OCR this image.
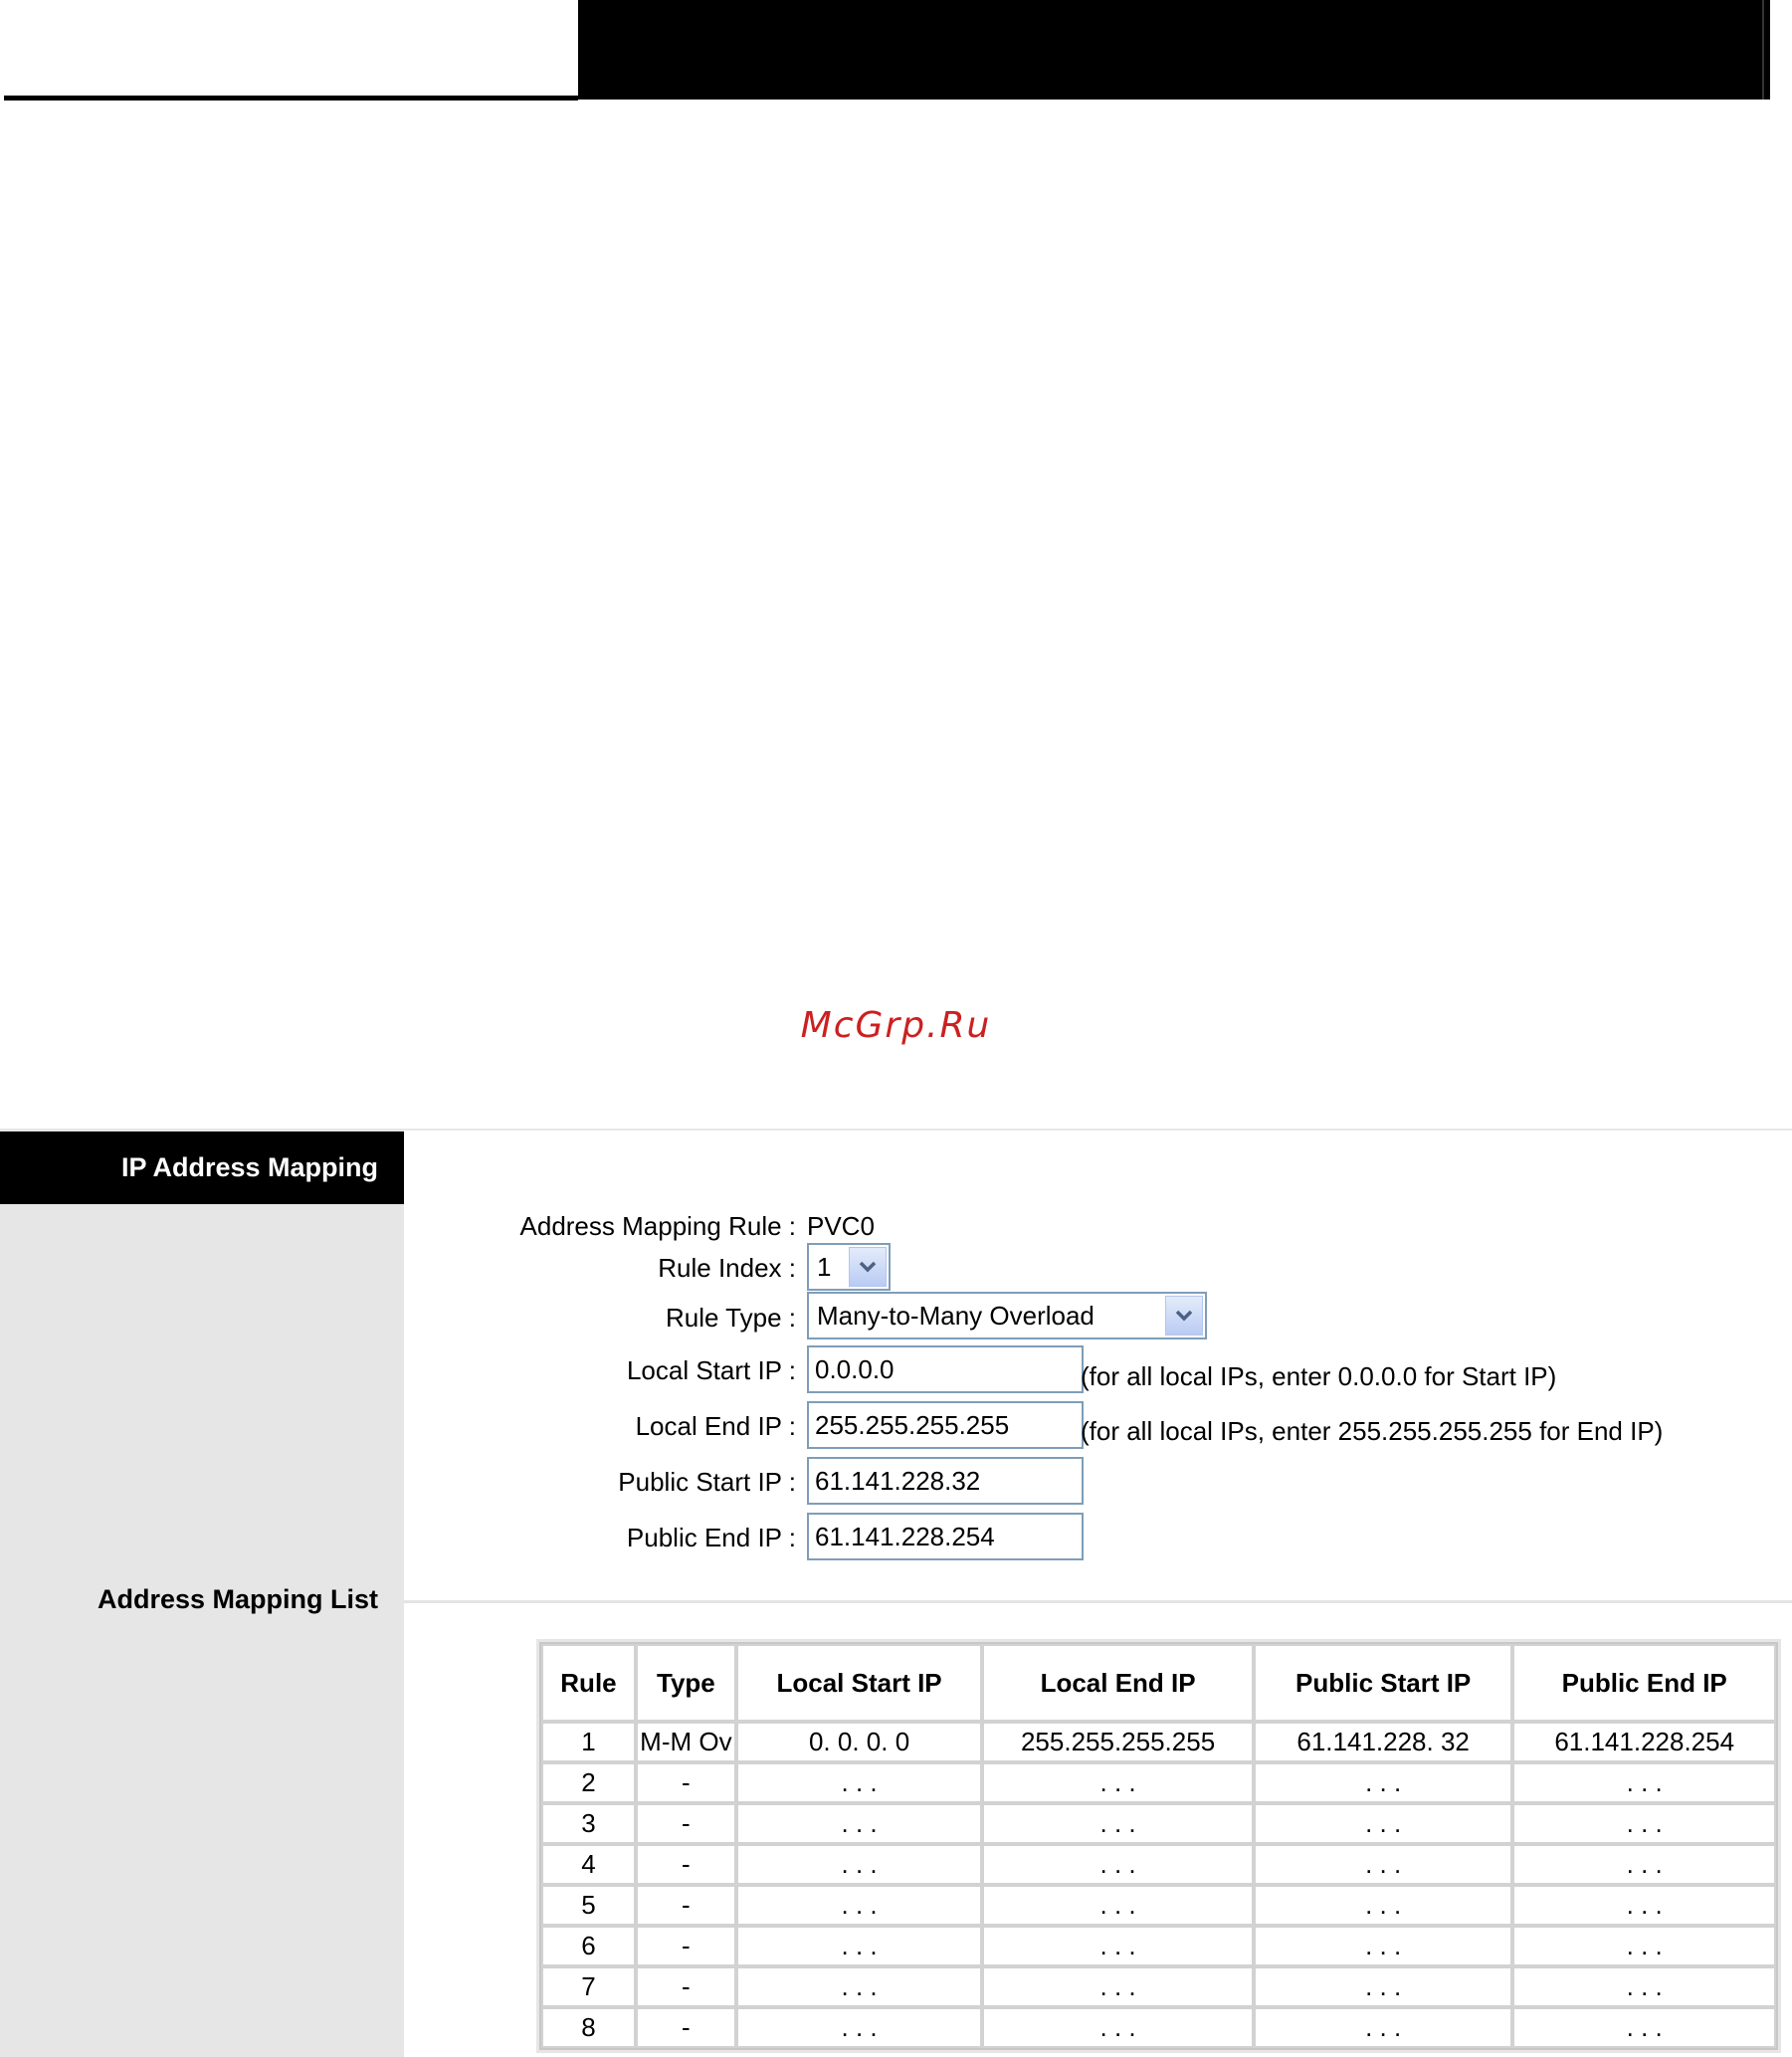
McGrp.Ru
IP Address Mapping
Address Mapping List
Address Mapping Rule : PVC0
Rule Index : 1
Rule Type : Many-to-Many Overload
Local Start IP :
0.0.0.0	(for all local IPs, enter 0.0.0.0 for Start IP)
Local End IP :
255.255.255.255	(for all local IPs, enter 255.255.255.255 for End IP)
Public Start IP :
61.141.228.32
Public End IP :
61.141.228.254
Rule	Type	Local Start IP	Local End IP	Public Start IP	Public End IP
1	M-M Ov	0. 0. 0. 0	255.255.255.255	61.141.228. 32	61.141.228.254
2	-	. . .	. . .	. . .	. . .
3	-	. . .	. . .	. . .	. . .
4	-	. . .	. . .	. . .	. . .
5	-	. . .	. . .	. . .	. . .
6	-	. . .	. . .	. . .	. . .
7	-	. . .	. . .	. . .	. . .
8	-	. . .	. . .	. . .	. . .
